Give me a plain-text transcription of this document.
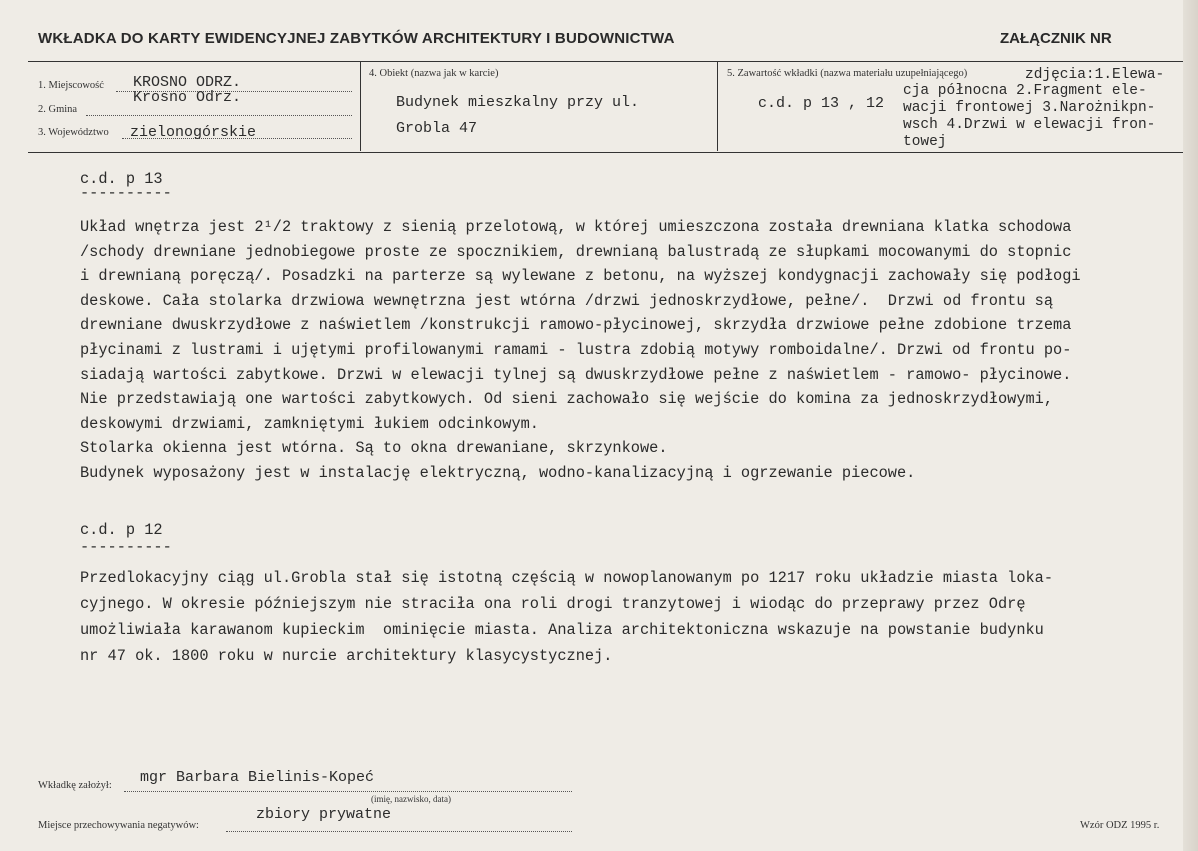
WKŁADKA DO KARTY EWIDENCYJNEJ ZABYTKÓW ARCHITEKTURY I BUDOWNICTWA	ZAŁĄCZNIK NR
1. Miejscowość KROSNO ODRZ.
2. Gmina
Krosno Odrz.
3. Województwo zielonogórskie
4. Obiekt (nazwa jak w karcie)
Budynek mieszkalny przy ul.
Grobla 47
5. Zawartość wkładki (nazwa materiału uzupełniającego)
c.d. p 13 , 12
zdjęcia:1.Elewa-
cja północna 2.Fragment ele-
wacji frontowej 3.Narożnikpn-
wsch 4.Drzwi w elewacji fron-
towej
c.d. p 13
----------
Układ wnętrza jest 2¹/2 traktowy z sienią przelotową, w której umieszczona została drewniana klatka schodowa
/schody drewniane jednobiegowe proste ze spocznikiem, drewnianą balustradą ze słupkami mocowanymi do stopnic
i drewnianą poręczą/. Posadzki na parterze są wylewane z betonu, na wyższej kondygnacji zachowały się podłogi
deskowe. Cała stolarka drzwiowa wewnętrzna jest wtórna /drzwi jednoskrzydłowe, pełne/.  Drzwi od frontu są
drewniane dwuskrzydłowe z naświetlem /konstrukcji ramowo-płycinowej, skrzydła drzwiowe pełne zdobione trzema
płycinami z lustrami i ujętymi profilowanymi ramami - lustra zdobią motywy romboidalne/. Drzwi od frontu po-
siadają wartości zabytkowe. Drzwi w elewacji tylnej są dwuskrzydłowe pełne z naświetlem - ramowo- płycinowe.
Nie przedstawiają one wartości zabytkowych. Od sieni zachowało się wejście do komina za jednoskrzydłowymi,
deskowymi drzwiami, zamkniętymi łukiem odcinkowym.
Stolarka okienna jest wtórna. Są to okna drewaniane, skrzynkowe.
Budynek wyposażony jest w instalację elektryczną, wodno-kanalizacyjną i ogrzewanie piecowe.
c.d. p 12
----------
Przedlokacyjny ciąg ul.Grobla stał się istotną częścią w nowoplanowanym po 1217 roku układzie miasta loka-
cyjnego. W okresie późniejszym nie straciła ona roli drogi tranzytowej i wiodąc do przeprawy przez Odrę
umożliwiała karawanom kupieckim  ominięcie miasta. Analiza architektoniczna wskazuje na powstanie budynku
nr 47 ok. 1800 roku w nurcie architektury klasycystycznej.
Wkładkę założył: mgr Barbara Bielinis-Kopeć
(imię, nazwisko, data)
Miejsce przechowywania negatywów:
zbiory prywatne
Wzór ODZ 1995 r.
